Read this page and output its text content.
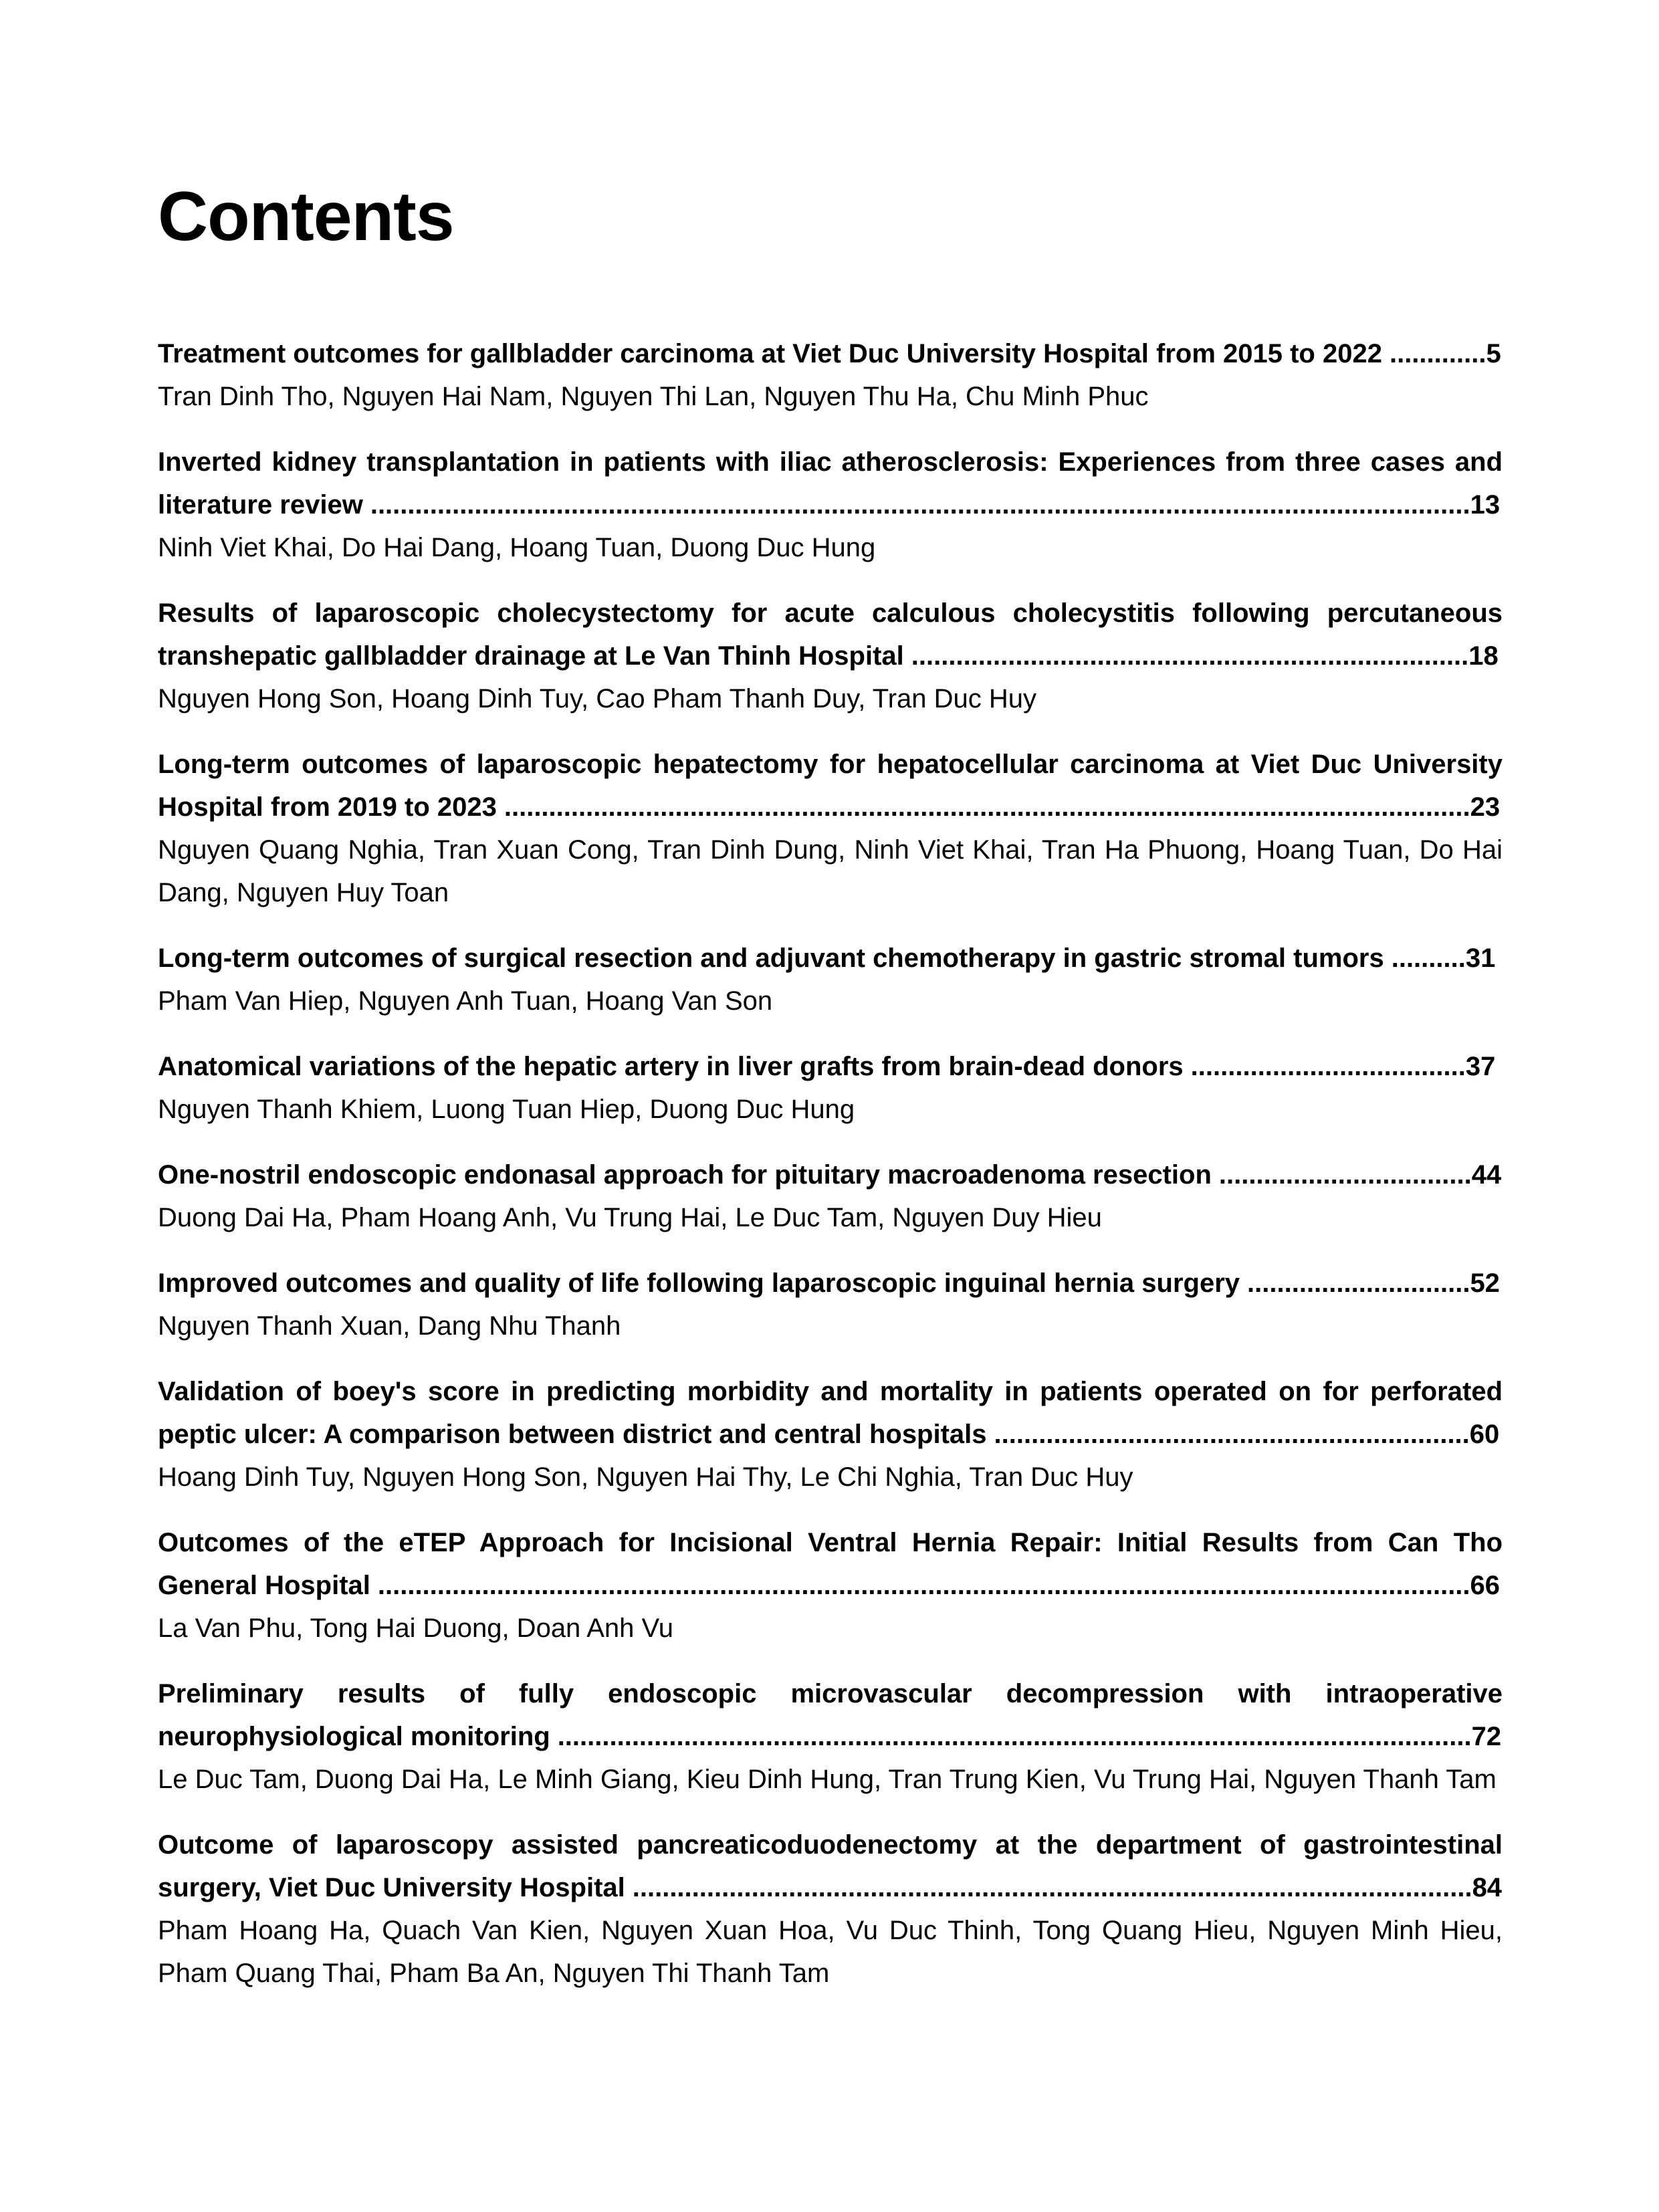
Contents

Treatment outcomes for gallbladder carcinoma at Viet Duc University Hospital from 2015 to 2022 .............5

Tran Dinh Tho, Nguyen Hai Nam, Nguyen Thi Lan, Nguyen Thu Ha, Chu Minh Phuc

Inverted kidney transplantation in patients with iliac atherosclerosis: Experiences from three cases and literature review ....................................................................................................................................................13

Ninh Viet Khai, Do Hai Dang, Hoang Tuan, Duong Duc Hung

Results of laparoscopic cholecystectomy for acute calculous cholecystitis following percutaneous transhepatic gallbladder drainage at Le Van Thinh Hospital ...........................................................................18

Nguyen Hong Son, Hoang Dinh Tuy, Cao Pham Thanh Duy, Tran Duc Huy

Long-term outcomes of laparoscopic hepatectomy for hepatocellular carcinoma at Viet Duc University Hospital from 2019 to 2023 ..................................................................................................................................23

Nguyen Quang Nghia, Tran Xuan Cong, Tran Dinh Dung, Ninh Viet Khai, Tran Ha Phuong, Hoang Tuan, Do Hai Dang, Nguyen Huy Toan

Long-term outcomes of surgical resection and adjuvant chemotherapy in gastric stromal tumors ..........31

Pham Van Hiep, Nguyen Anh Tuan, Hoang Van Son

Anatomical variations of the hepatic artery in liver grafts from brain-dead donors .....................................37

Nguyen Thanh Khiem, Luong Tuan Hiep, Duong Duc Hung

One-nostril endoscopic endonasal approach for pituitary macroadenoma resection ..................................44

Duong Dai Ha, Pham Hoang Anh, Vu Trung Hai, Le Duc Tam, Nguyen Duy Hieu

Improved outcomes and quality of life following laparoscopic inguinal hernia surgery ..............................52

Nguyen Thanh Xuan, Dang Nhu Thanh

Validation of boey's score in predicting morbidity and mortality in patients operated on for perforated peptic ulcer: A comparison between district and central hospitals ................................................................60

Hoang Dinh Tuy, Nguyen Hong Son, Nguyen Hai Thy, Le Chi Nghia, Tran Duc Huy

Outcomes of the eTEP Approach for Incisional Ventral Hernia Repair: Initial Results from Can Tho General Hospital ...................................................................................................................................................66

La Van Phu, Tong Hai Duong, Doan Anh Vu

Preliminary results of fully endoscopic microvascular decompression with intraoperative neurophysiological monitoring ...........................................................................................................................72

Le Duc Tam, Duong Dai Ha, Le Minh Giang, Kieu Dinh Hung, Tran Trung Kien, Vu Trung Hai, Nguyen Thanh Tam

Outcome of laparoscopy assisted pancreaticoduodenectomy at the department of gastrointestinal surgery, Viet Duc University Hospital .................................................................................................................84

Pham Hoang Ha, Quach Van Kien, Nguyen Xuan Hoa, Vu Duc Thinh, Tong Quang Hieu, Nguyen Minh Hieu, Pham Quang Thai, Pham Ba An, Nguyen Thi Thanh Tam
